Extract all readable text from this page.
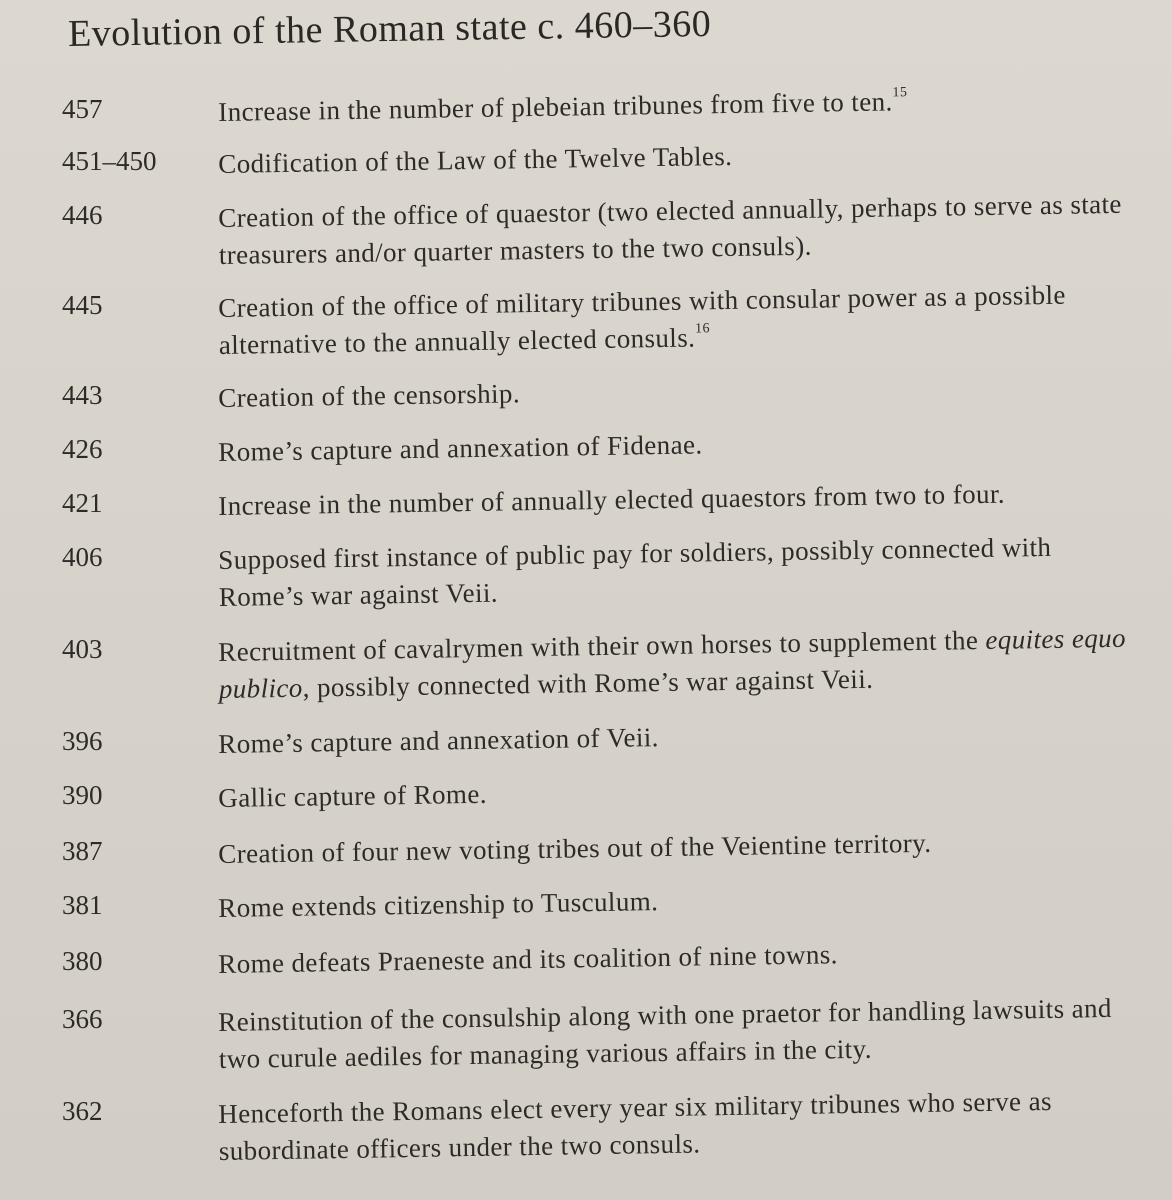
Evolution of the Roman state c. 460–360
457	Increase in the number of plebeian tribunes from five to ten.$^{15}$
451–450 Codification of the Law of the Twelve Tables.
446	Creation of the office of quaestor (two elected annually, perhaps to serve as state treasurers and/or quarter masters to the two consuls).
445	Creation of the office of military tribunes with consular power as a possible alternative to the annually elected consuls.$^{16}$
443	Creation of the censorship.
426	Rome’s capture and annexation of Fidenae.
421	Increase in the number of annually elected quaestors from two to four.
406	Supposed first instance of public pay for soldiers, possibly connected with Rome’s war against Veii.
403	Recruitment of cavalrymen with their own horses to supplement the equites equo publico, possibly connected with Rome’s war against Veii.
396	Rome’s capture and annexation of Veii.
390	Gallic capture of Rome.
387	Creation of four new voting tribes out of the Veientine territory.
381	Rome extends citizenship to Tusculum.
380	Rome defeats Praeneste and its coalition of nine towns.
366	Reinstitution of the consulship along with one praetor for handling lawsuits and two curule aediles for managing various affairs in the city.
362	Henceforth the Romans elect every year six military tribunes who serve as subordinate officers under the two consuls.
